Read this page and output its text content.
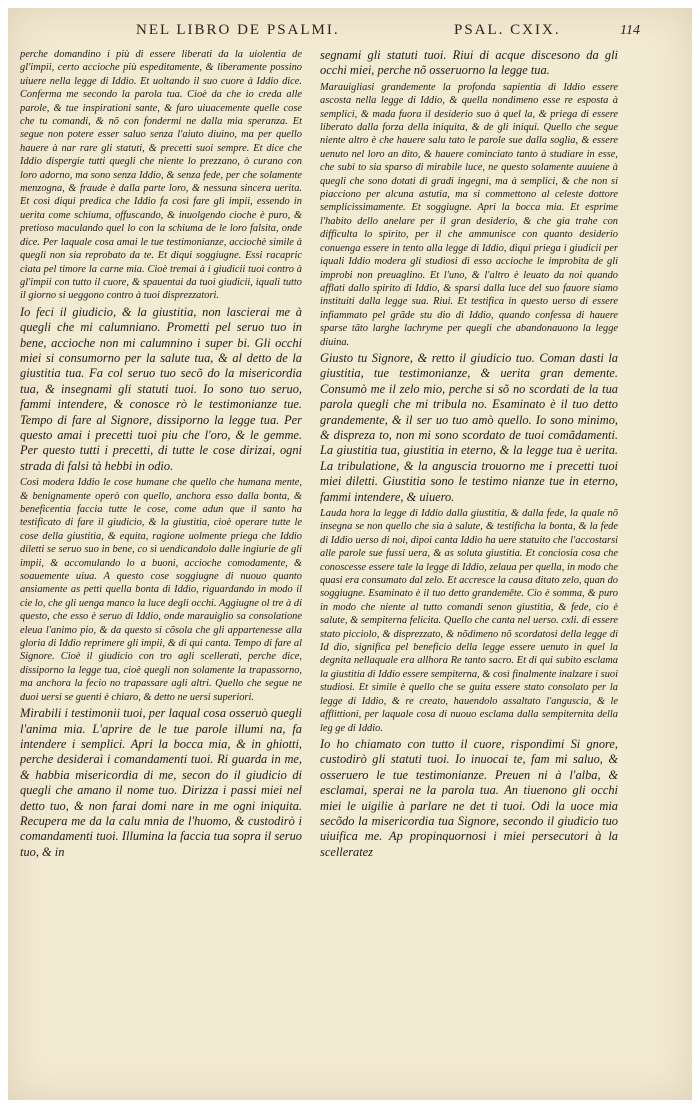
NEL LIBRO DE PSALMI.	PSAL. CXIX.	114

perche domandino i più di essere liberati da la uiolentia de gl'impii, certo accioche più espeditamente, & liberamente possino uiuere nella legge di Iddio. Et uoltando il suo cuore à Iddio dice. Conferma me secondo la parola tua. Cioè da che io creda alle parole, & tue inspirationi sante, & faro uiuacemente quelle cose che tu comandi, & nõ con fondermi ne dalla mia speranza. Et segue non potere esser saluo senza l'aiuto diuino, ma per quello hauere à nar rare gli statuti, & precetti suoi sempre. Et dice che Iddio dispergie tutti quegli che niente lo prezzano, ò curano con loro adorno, ma sono senza Iddio, & senza fede, per che solamente menzogna, & fraude è dalla parte loro, & nessuna sincera uerita. Et così diqui predica che Iddio fa così fare gli impii, essendo in uerita come schiuma, offuscando, & inuolgendo cioche è puro, & pretioso maculando quel lo con la schiuma de le loro falsita, onde dice. Per laquale cosa amai le tue testimonianze, acciochè simile à quegli non sia reprobato da te. Et diqui soggiugne. Essi racapric ciata pel timore la carne mia. Cioè tremai à i giudicii tuoi contro à gl'impii con tutto il cuore, & spauentai da tuoi giudicii, iquali tutto il giorno si ueggono contro à tuoi disprezzatori.

Io feci il giudicio, & la giustitia, non lascierai me à quegli che mi calumniano. Prometti pel seruo tuo in bene, accioche non mi calumnino i super bi. Gli occhi miei si consumorno per la salute tua, & al detto de la giustitia tua. Fa col seruo tuo secõ do la misericordia tua, & insegnami gli statuti tuoi. Io sono tuo seruo, fammi intendere, & conosce rò le testimonianze tue. Tempo di fare al Signore, dissiporno la legge tua. Per questo amai i precetti tuoi piu che l'oro, & le gemme. Per questo tutti i precetti, di tutte le cose dirizai, ogni strada di falsi tà hebbi in odio.

Così modera Iddio le cose humane che quello che humana mente, & benignamente operò con quello, anchora esso dalla bonta, & beneficentia faccia tutte le cose, come adun que il santo ha testificato di fare il giudicio, & la giustitia, cioè operare tutte le cose della giustitia, & equita, ragione uolmente priega che Iddio diletti se seruo suo in bene, co sì uendicandolo dalle ingiurie de gli impii, & accomulando lo a buoni, accioche comodamente, & soauemente uiua. A questo cose soggiugne di nuouo quanto ansiamente as pettì quella bonta di Iddio, riguardando in modo il cie lo, che gli uenga manco la luce degli occhi. Aggiugne ol tre à di questo, che esso è seruo di Iddio, onde marauiglio sa consolatione eleua l'animo pio, & da questo si cõsola che gli appartenesse alla gloria di Iddio reprimere gli impii, & di qui canta. Tempo di fare al Signore. Cioè il giudicio con tro agli scellerati, perche dice, dissiporno la legge tua, cioè quegli non solamente la trapassorno, ma anchora la fecio no trapassare agli altri. Quello che segue ne duoi uersi se guenti è chiaro, & detto ne uersi superiori.

Mirabili i testimonii tuoi, per laqual cosa osseruò quegli l'anima mia. L'aprire de le tue parole illumi na, fa intendere i semplici. Apri la bocca mia, & in ghiotti, perche desideraì i comandamenti tuoi. Ri guarda in me, & habbia misericordia di me, secon do il giudicio di quegli che amano il nome tuo. Dirizza i passi miei nel detto tuo, & non farai domi nare in me ogni iniquita. Recupera me da la calu mnia de l'huomo, & custodirò i comandamenti tuoi. Illumina la faccia tua sopra il seruo tuo, & in

segnami gli statuti tuoi. Riui di acque discesono da gli occhi miei, perche nõ osseruorno la legge tua.

Marauigliasi grandemente la profonda sapientia di Iddio essere ascosta nella legge di Iddio, & quella nondimeno esse re esposta à semplici, & mada fuora il desiderio suo à quel la, & priega di essere liberato dalla forza della iniquita, & de gli iniqui. Quello che segue niente altro è che hauere salu tato le parole sue dalla soglia, & essere uenuto nel loro an dito, & hauere cominciato tanto à studiare in esse, che subi to sia sparso di mirabile luce, ne questo solamente auuiene à quegli che sono dotati di gradi ingegni, ma à semplici, & che non si piacciono per alcuna astutia, ma si commettono al celeste dottore semplicissimamente. Et soggiugne. Apri la bocca mia. Et esprime l'habito dello anelare per il gran desiderio, & che gia trahe con difficulta lo spirito, per il che ammunisce con quanto desiderio conuenga essere in tento alla legge di Iddio, diqui priega i giudicii per iquali Iddio modera gli studiosi di esso accioche le improbita de gli improbi non preuaglino. Et l'uno, & l'altro è leuato da noi quando afflati dallo spirito di Iddio, & sparsi dalla luce del suo fauore siamo instituiti dalla legge sua. Riui. Et testifica in questo uerso di essere infiammato pel grãde stu dio di Iddio, quando confessa di hauere sparse tãto larghe lachryme per quegli che abandonauono la legge diuina.

Giusto tu Signore, & retto il giudicio tuo. Coman dasti la giustitia, tue testimonianze, & uerita gran demente. Consumò me il zelo mio, perche si sõ no scordati de la tua parola quegli che mi tribula no. Esaminato è il tuo detto grandemente, & il ser uo tuo amò quello. Io sono minimo, & dispreza to, non mi sono scordato de tuoi comãdamenti. La giustitia tua, giustitia in eterno, & la legge tua è uerita. La tribulatione, & la anguscia trouorno me i precetti tuoi miei diletti. Giustitia sono le testimo nianze tue in eterno, fammi intendere, & uiuero.

Lauda hora la legge di Iddio dalla giustitia, & dalla fede, la quale nõ insegna se non quello che sia à salute, & testificha la bonta, & la fede di Iddio uerso di noi, dipoi canta Iddio ha uere statuito che l'accostarsi alle parole sue fussi uera, & as soluta giustitia. Et conciosia cosa che conoscesse essere tale la legge di Iddio, zelaua per quella, in modo che quasi era consumato dal zelo. Et accresce la causa ditato zelo, quan do soggiugne. Esaminato è il tuo detto grandemēte. Cio è somma, & puro in modo che niente al tutto comandi senon giustitia, & fede, cio è salute, & sempiterna felicita. Quello che canta nel uerso. cxli. di essere stato picciolo, & disprezzato, & nõdimeno nõ scordatosi della legge di Id dio, significa pel beneficio della legge essere uenuto in quel la degnita nellaquale era allhora Re tanto sacro. Et di qui subito esclama la giustitia di Iddio essere sempiterna, & così finalmente inalzare i suoi studiosi. Et simile è quello che se guita essere stato consolato per la legge di Iddio, & re creato, hauendolo assaltato l'anguscia, & le afflittioni, per laquale cosa di nuouo esclama dalla sempiternita della leg ge di Iddio.

Io ho chiamato con tutto il cuore, rispondimi Si gnore, custodirò gli statuti tuoi. Io inuocai te, fam mi saluo, & osseruero le tue testimonianze. Preuen ni à l'alba, & esclamai, sperai ne la parola tua. An tiuenono gli occhi miei le uigilie à parlare ne det ti tuoi. Odi la uoce mia secõdo la misericordia tua Signore, secondo il giudicio tuo uiuifica me. Ap propinquornosi i miei persecutori à la scelleratez
